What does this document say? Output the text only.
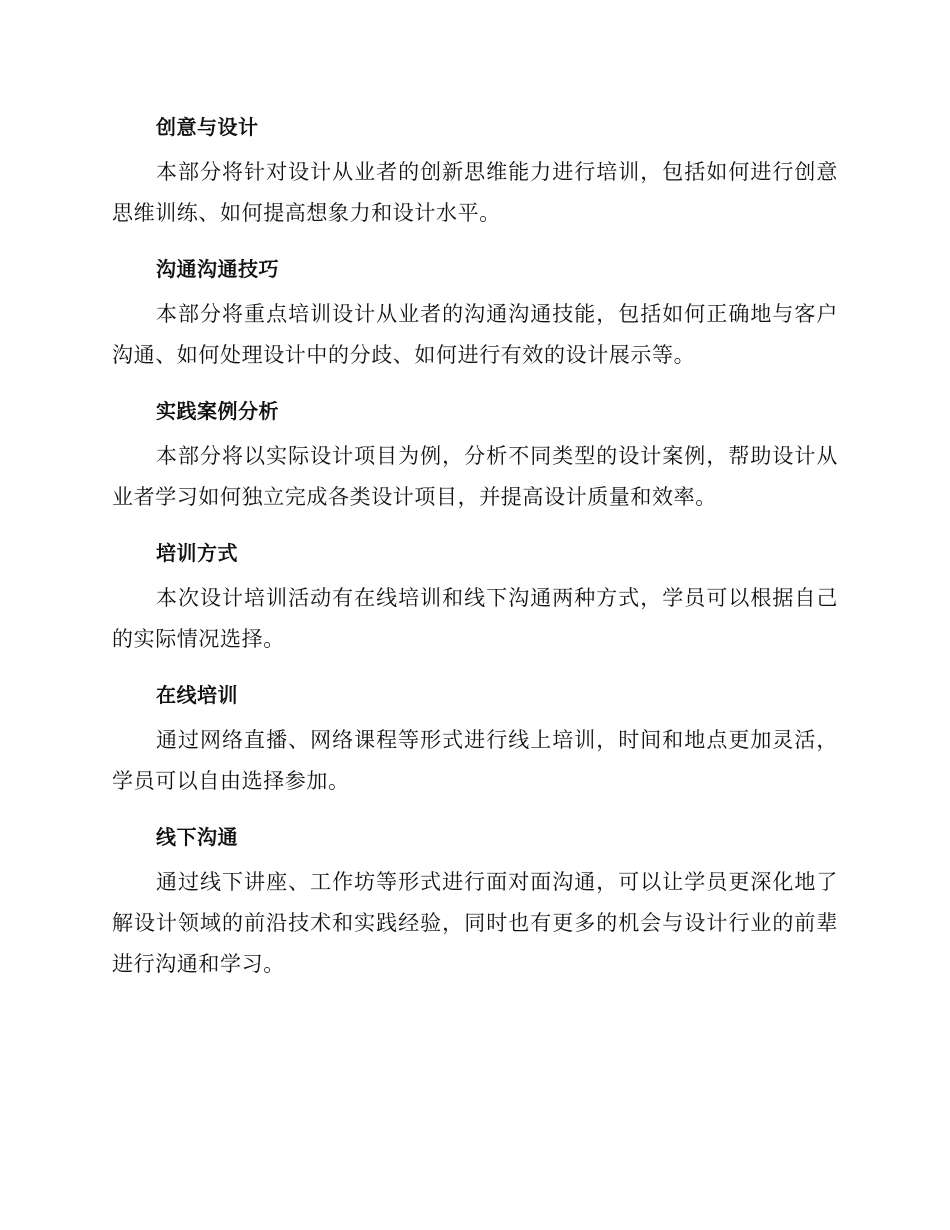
创意与设计

本部分将针对设计从业者的创新思维能力进行培训，包括如何进行创意思维训练、如何提高想象力和设计水平。

沟通沟通技巧

本部分将重点培训设计从业者的沟通沟通技能，包括如何正确地与客户沟通、如何处理设计中的分歧、如何进行有效的设计展示等。

实践案例分析

本部分将以实际设计项目为例，分析不同类型的设计案例，帮助设计从业者学习如何独立完成各类设计项目，并提高设计质量和效率。

培训方式

本次设计培训活动有在线培训和线下沟通两种方式，学员可以根据自己的实际情况选择。

在线培训

通过网络直播、网络课程等形式进行线上培训，时间和地点更加灵活，学员可以自由选择参加。

线下沟通

通过线下讲座、工作坊等形式进行面对面沟通，可以让学员更深化地了解设计领域的前沿技术和实践经验，同时也有更多的机会与设计行业的前辈进行沟通和学习。
